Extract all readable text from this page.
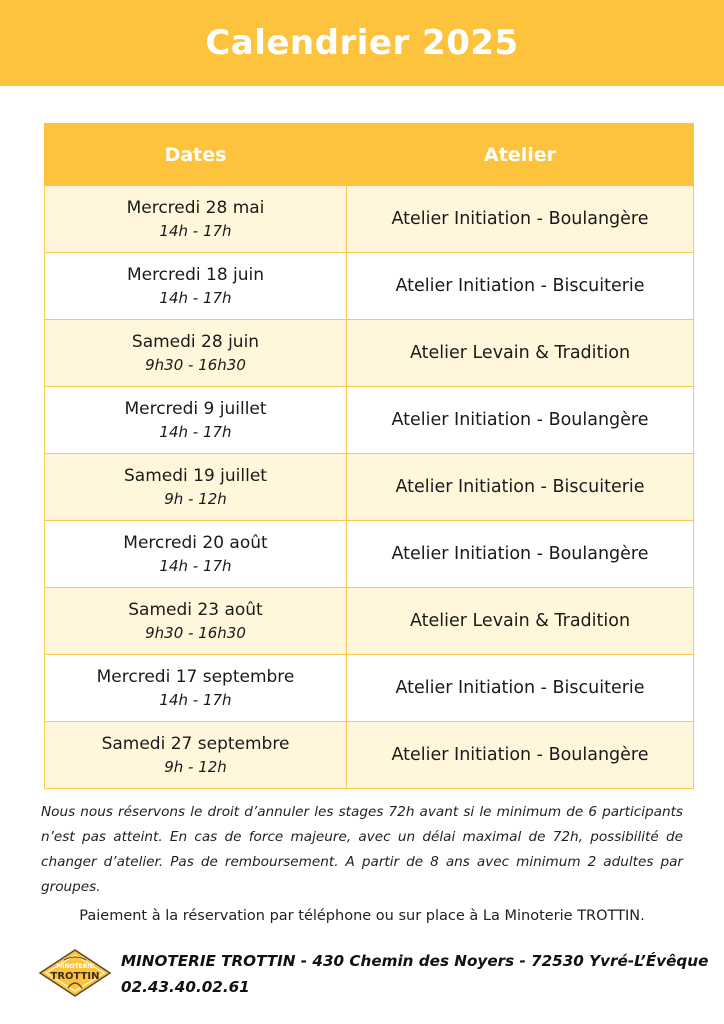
Calendrier 2025
Dates	Atelier

Mercredi 28 mai
14h - 17h	Atelier Initiation - Boulangère

Mercredi 18 juin
14h - 17h	Atelier Initiation - Biscuiterie

Samedi 28 juin
9h30 - 16h30	Atelier Levain & Tradition

Mercredi 9 juillet
14h - 17h	Atelier Initiation - Boulangère

Samedi 19 juillet
9h - 12h	Atelier Initiation - Biscuiterie

Mercredi 20 août
14h - 17h	Atelier Initiation - Boulangère

Samedi 23 août
9h30 - 16h30	Atelier Levain & Tradition

Mercredi 17 septembre
14h - 17h	Atelier Initiation - Biscuiterie

Samedi 27 septembre
9h - 12h	Atelier Initiation - Boulangère

Nous nous réservons le droit d’annuler les stages 72h avant si le minimum de 6 participants n’est pas atteint. En cas de force majeure, avec un délai maximal de 72h, possibilité de changer d’atelier. Pas de remboursement. A partir de 8 ans avec minimum 2 adultes par groupes.

Paiement à la réservation par téléphone ou sur place à La Minoterie TROTTIN.

MINOTERIE
TROTTIN
MINOTERIE TROTTIN - 430 Chemin des Noyers - 72530 Yvré-L’Évêque
02.43.40.02.61
